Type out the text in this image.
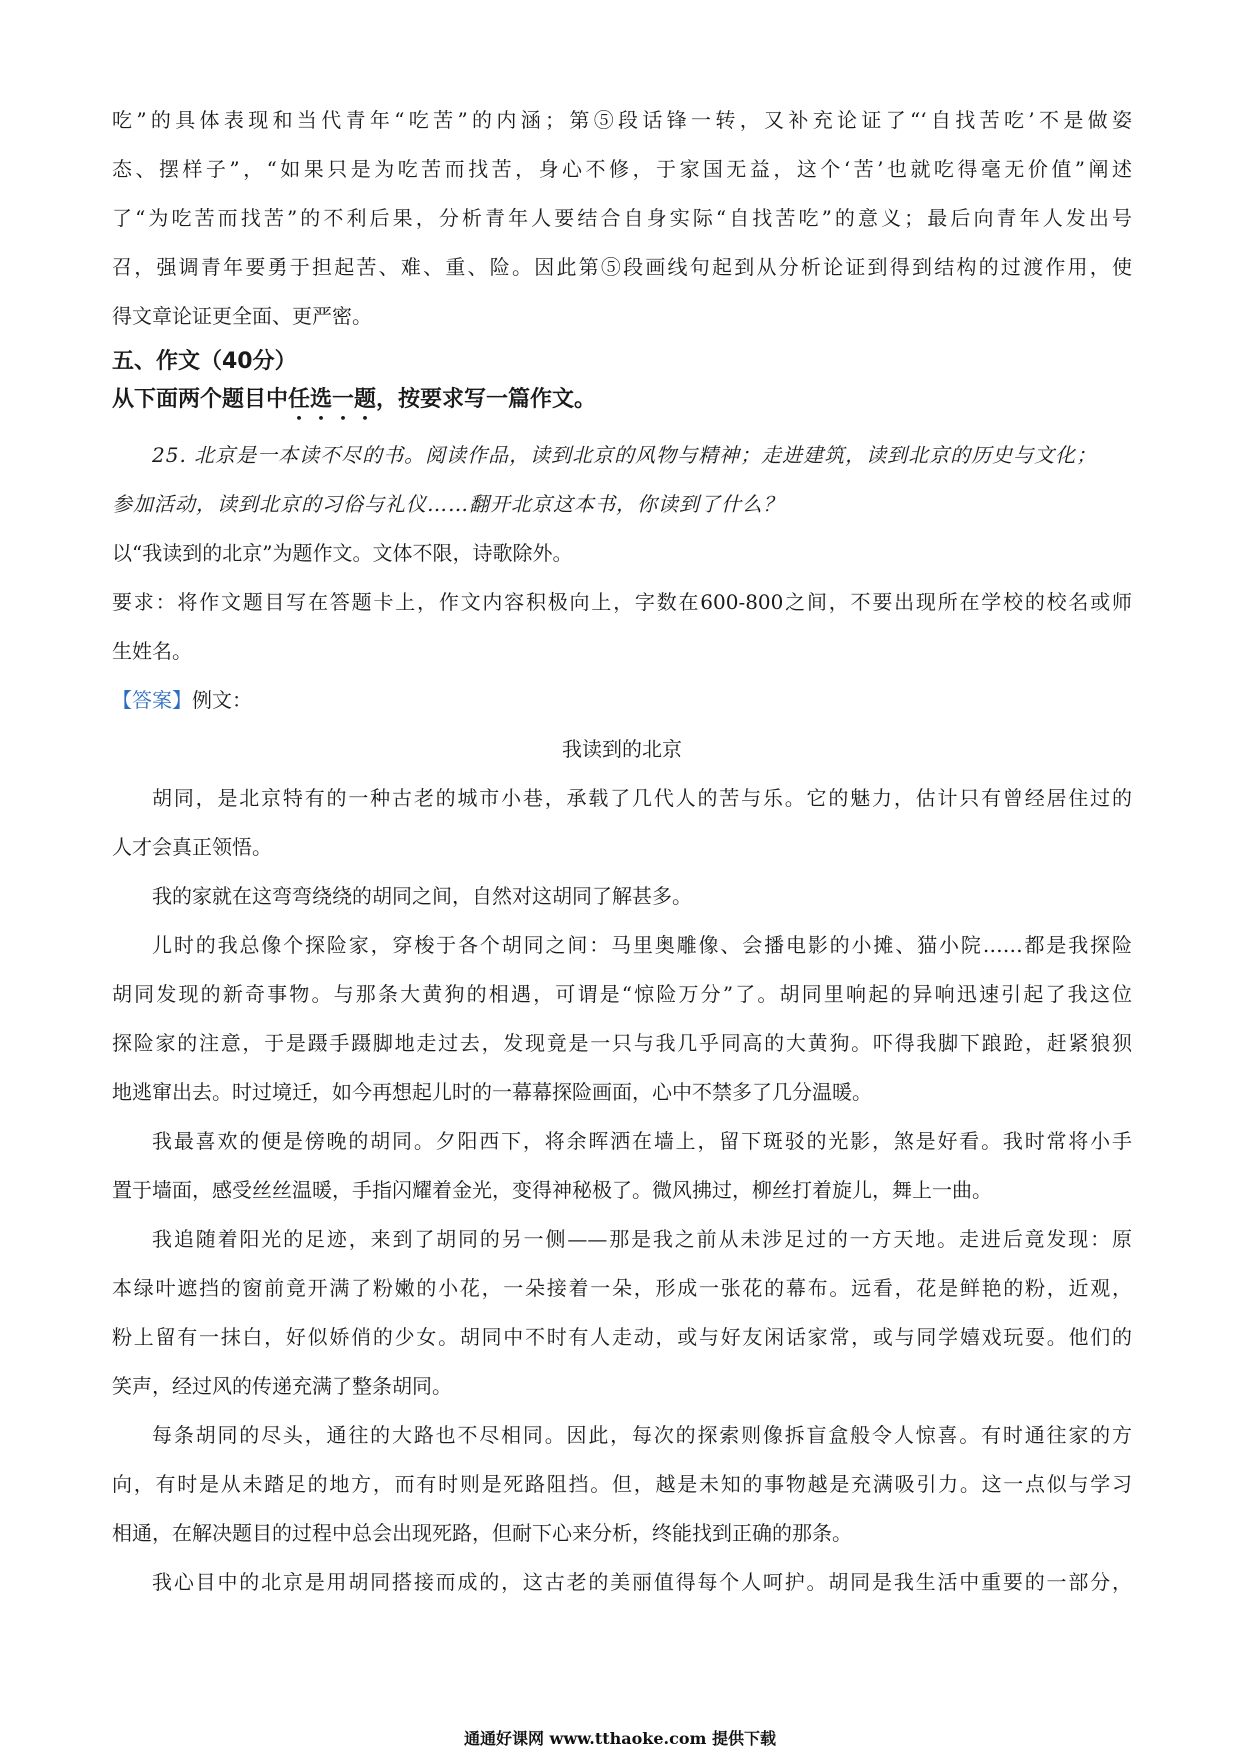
吃”的具体表现和当代青年“吃苦”的内涵；第⑤段话锋一转，又补充论证了“‘自找苦吃’不是做姿

态、摆样子”，“如果只是为吃苦而找苦，身心不修，于家国无益，这个‘苦’也就吃得毫无价值”阐述

了“为吃苦而找苦”的不利后果，分析青年人要结合自身实际“自找苦吃”的意义；最后向青年人发出号

召，强调青年要勇于担起苦、难、重、险。因此第⑤段画线句起到从分析论证到得到结构的过渡作用，使

得文章论证更全面、更严密。

五、作文（40分）

从下面两个题目中任选一题，按要求写一篇作文。

25. 北京是一本读不尽的书。阅读作品，读到北京的风物与精神；走进建筑，读到北京的历史与文化；

参加活动，读到北京的习俗与礼仪……翻开北京这本书，你读到了什么？

以“我读到的北京”为题作文。文体不限，诗歌除外。

要求：将作文题目写在答题卡上，作文内容积极向上，字数在600-800之间，不要出现所在学校的校名或师

生姓名。

【答案】例文：

我读到的北京

胡同，是北京特有的一种古老的城市小巷，承载了几代人的苦与乐。它的魅力，估计只有曾经居住过的

人才会真正领悟。

我的家就在这弯弯绕绕的胡同之间，自然对这胡同了解甚多。

儿时的我总像个探险家，穿梭于各个胡同之间：马里奥雕像、会播电影的小摊、猫小院……都是我探险

胡同发现的新奇事物。与那条大黄狗的相遇，可谓是“惊险万分”了。胡同里响起的异响迅速引起了我这位

探险家的注意，于是蹑手蹑脚地走过去，发现竟是一只与我几乎同高的大黄狗。吓得我脚下踉跄，赶紧狼狈

地逃窜出去。时过境迁，如今再想起儿时的一幕幕探险画面，心中不禁多了几分温暖。

我最喜欢的便是傍晚的胡同。夕阳西下，将余晖洒在墙上，留下斑驳的光影，煞是好看。我时常将小手

置于墙面，感受丝丝温暖，手指闪耀着金光，变得神秘极了。微风拂过，柳丝打着旋儿，舞上一曲。

我追随着阳光的足迹，来到了胡同的另一侧——那是我之前从未涉足过的一方天地。走进后竟发现：原

本绿叶遮挡的窗前竟开满了粉嫩的小花，一朵接着一朵，形成一张花的幕布。远看，花是鲜艳的粉，近观，

粉上留有一抹白，好似娇俏的少女。胡同中不时有人走动，或与好友闲话家常，或与同学嬉戏玩耍。他们的

笑声，经过风的传递充满了整条胡同。

每条胡同的尽头，通往的大路也不尽相同。因此，每次的探索则像拆盲盒般令人惊喜。有时通往家的方

向，有时是从未踏足的地方，而有时则是死路阻挡。但，越是未知的事物越是充满吸引力。这一点似与学习

相通，在解决题目的过程中总会出现死路，但耐下心来分析，终能找到正确的那条。

我心目中的北京是用胡同搭接而成的，这古老的美丽值得每个人呵护。胡同是我生活中重要的一部分，

通通好课网 www.tthaoke.com 提供下载
